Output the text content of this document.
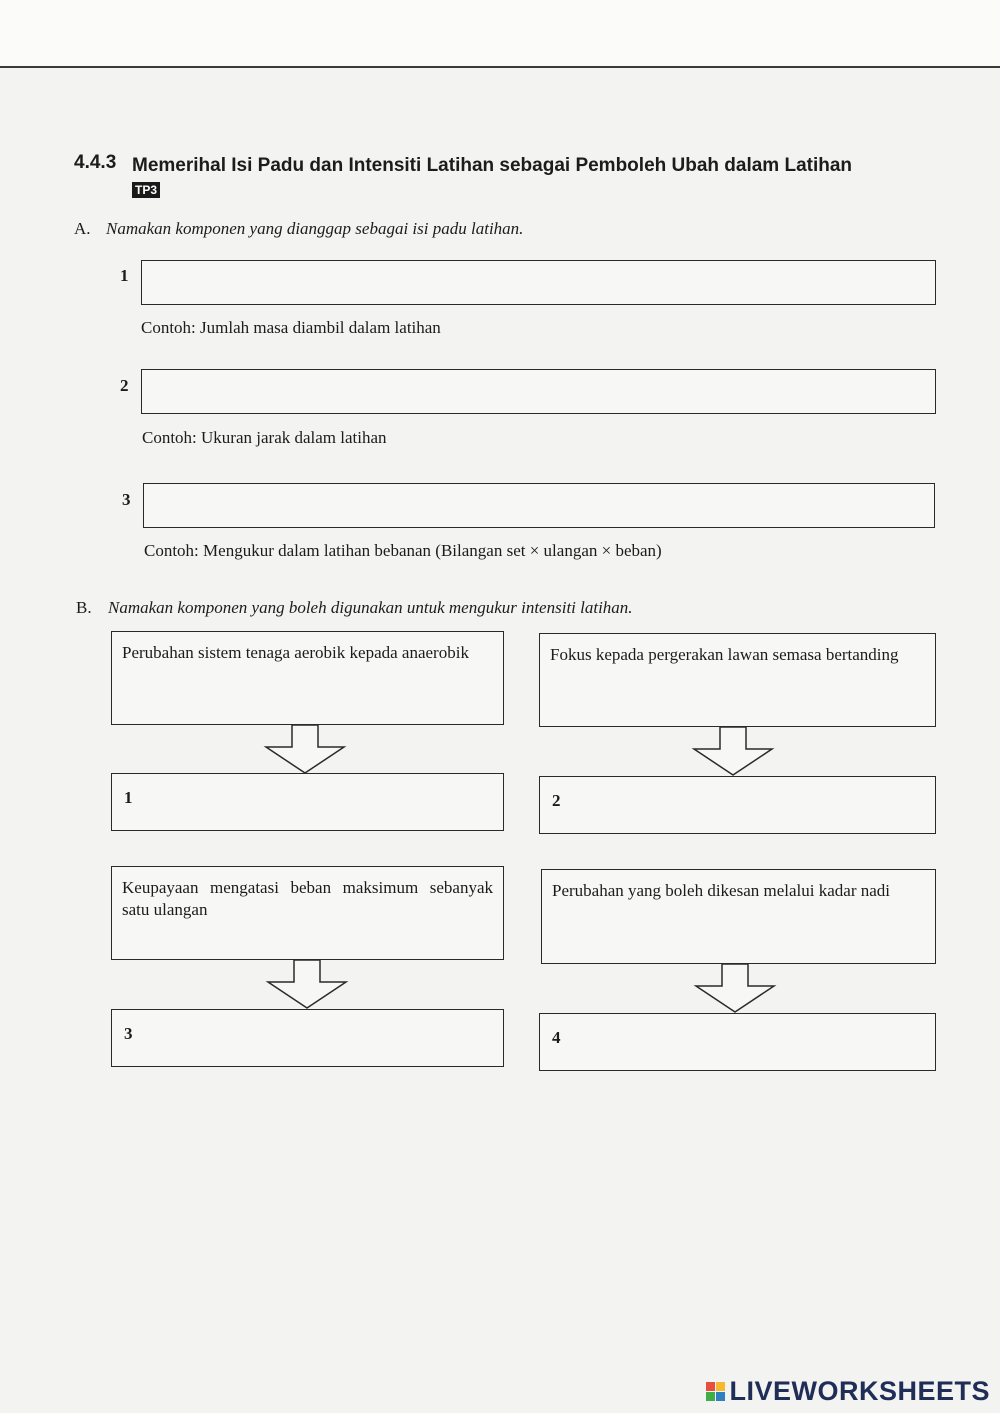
4.4.3 Memerihal Isi Padu dan Intensiti Latihan sebagai Pemboleh Ubah dalam Latihan
TP3
A. Namakan komponen yang dianggap sebagai isi padu latihan.
1
Contoh: Jumlah masa diambil dalam latihan
2
Contoh: Ukuran jarak dalam latihan
3
Contoh: Mengukur dalam latihan bebanan (Bilangan set × ulangan × beban)
B. Namakan komponen yang boleh digunakan untuk mengukur intensiti latihan.
Perubahan sistem tenaga aerobik kepada anaerobik	Fokus kepada pergerakan lawan semasa bertanding
1	2
Keupayaan mengatasi beban maksimum sebanyak satu ulangan
Perubahan yang boleh dikesan melalui kadar nadi
3	4
LIVEWORKSHEETS
